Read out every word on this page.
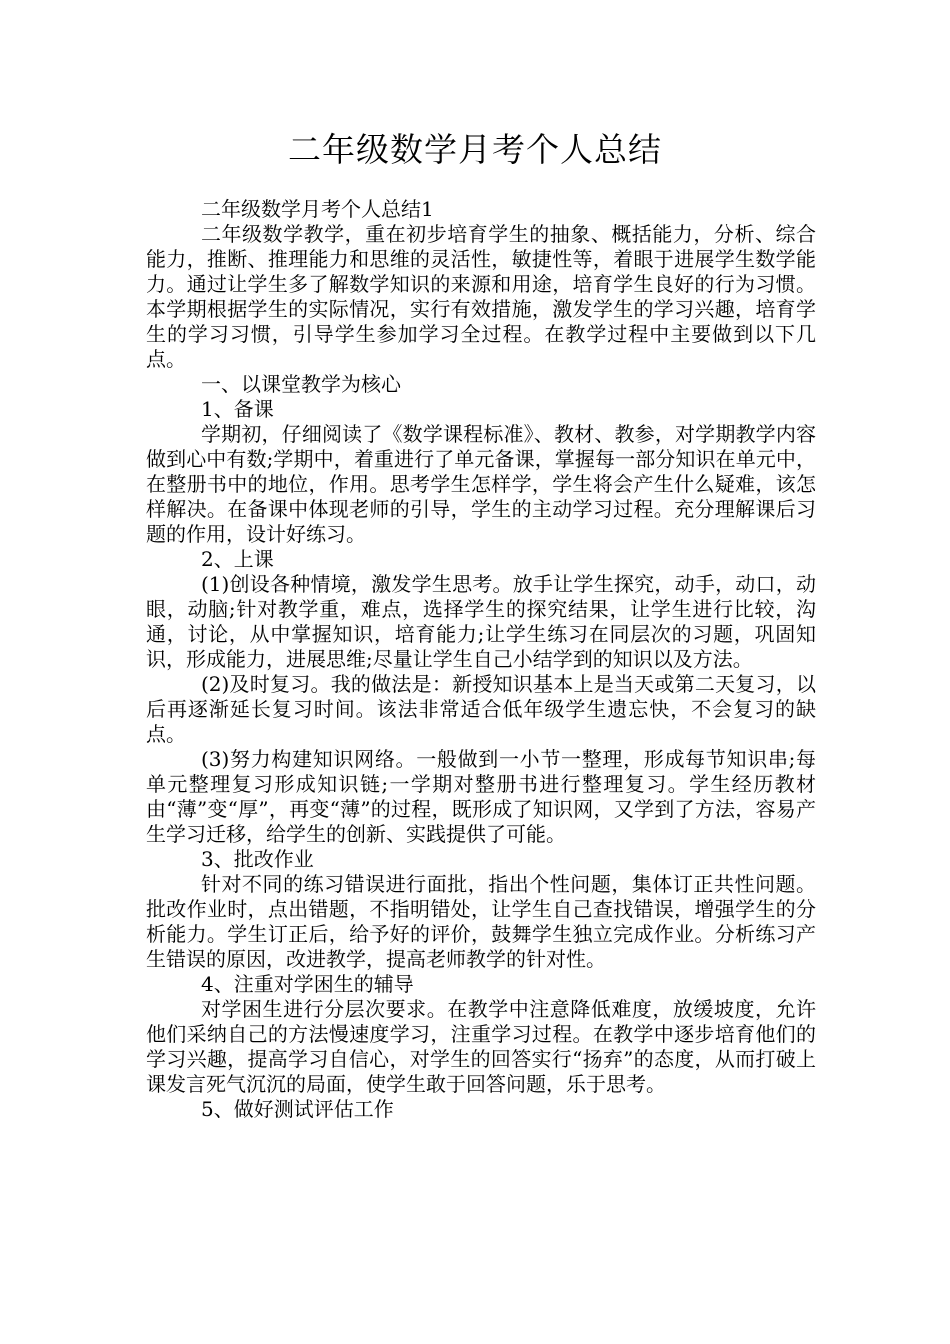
二年级数学月考个人总结

二年级数学月考个人总结1

二年级数学教学，重在初步培育学生的抽象、概括能力，分析、综合能力，推断、推理能力和思维的灵活性，敏捷性等，着眼于进展学生数学能力。通过让学生多了解数学知识的来源和用途，培育学生良好的行为习惯。本学期根据学生的实际情况，实行有效措施，激发学生的学习兴趣，培育学生的学习习惯，引导学生参加学习全过程。在教学过程中主要做到以下几点。

一、以课堂教学为核心

1、备课

学期初，仔细阅读了《数学课程标准》、教材、教参，对学期教学内容做到心中有数;学期中，着重进行了单元备课，掌握每一部分知识在单元中，在整册书中的地位，作用。思考学生怎样学，学生将会产生什么疑难，该怎样解决。在备课中体现老师的引导，学生的主动学习过程。充分理解课后习题的作用，设计好练习。

2、上课

(1)创设各种情境，激发学生思考。放手让学生探究，动手，动口，动眼，动脑;针对教学重，难点，选择学生的探究结果，让学生进行比较，沟通，讨论，从中掌握知识，培育能力;让学生练习在同层次的习题，巩固知识，形成能力，进展思维;尽量让学生自己小结学到的知识以及方法。

(2)及时复习。我的做法是：新授知识基本上是当天或第二天复习，以后再逐渐延长复习时间。该法非常适合低年级学生遗忘快，不会复习的缺点。

(3)努力构建知识网络。一般做到一小节一整理，形成每节知识串;每单元整理复习形成知识链;一学期对整册书进行整理复习。学生经历教材由“薄”变“厚”，再变“薄”的过程，既形成了知识网，又学到了方法，容易产生学习迁移，给学生的创新、实践提供了可能。

3、批改作业

针对不同的练习错误进行面批，指出个性问题，集体订正共性问题。批改作业时，点出错题，不指明错处，让学生自己查找错误，增强学生的分析能力。学生订正后，给予好的评价，鼓舞学生独立完成作业。分析练习产生错误的原因，改进教学，提高老师教学的针对性。

4、注重对学困生的辅导

对学困生进行分层次要求。在教学中注意降低难度，放缓坡度，允许他们采纳自己的方法慢速度学习，注重学习过程。在教学中逐步培育他们的学习兴趣，提高学习自信心，对学生的回答实行“扬弃”的态度，从而打破上课发言死气沉沉的局面，使学生敢于回答问题，乐于思考。

5、做好测试评估工作
